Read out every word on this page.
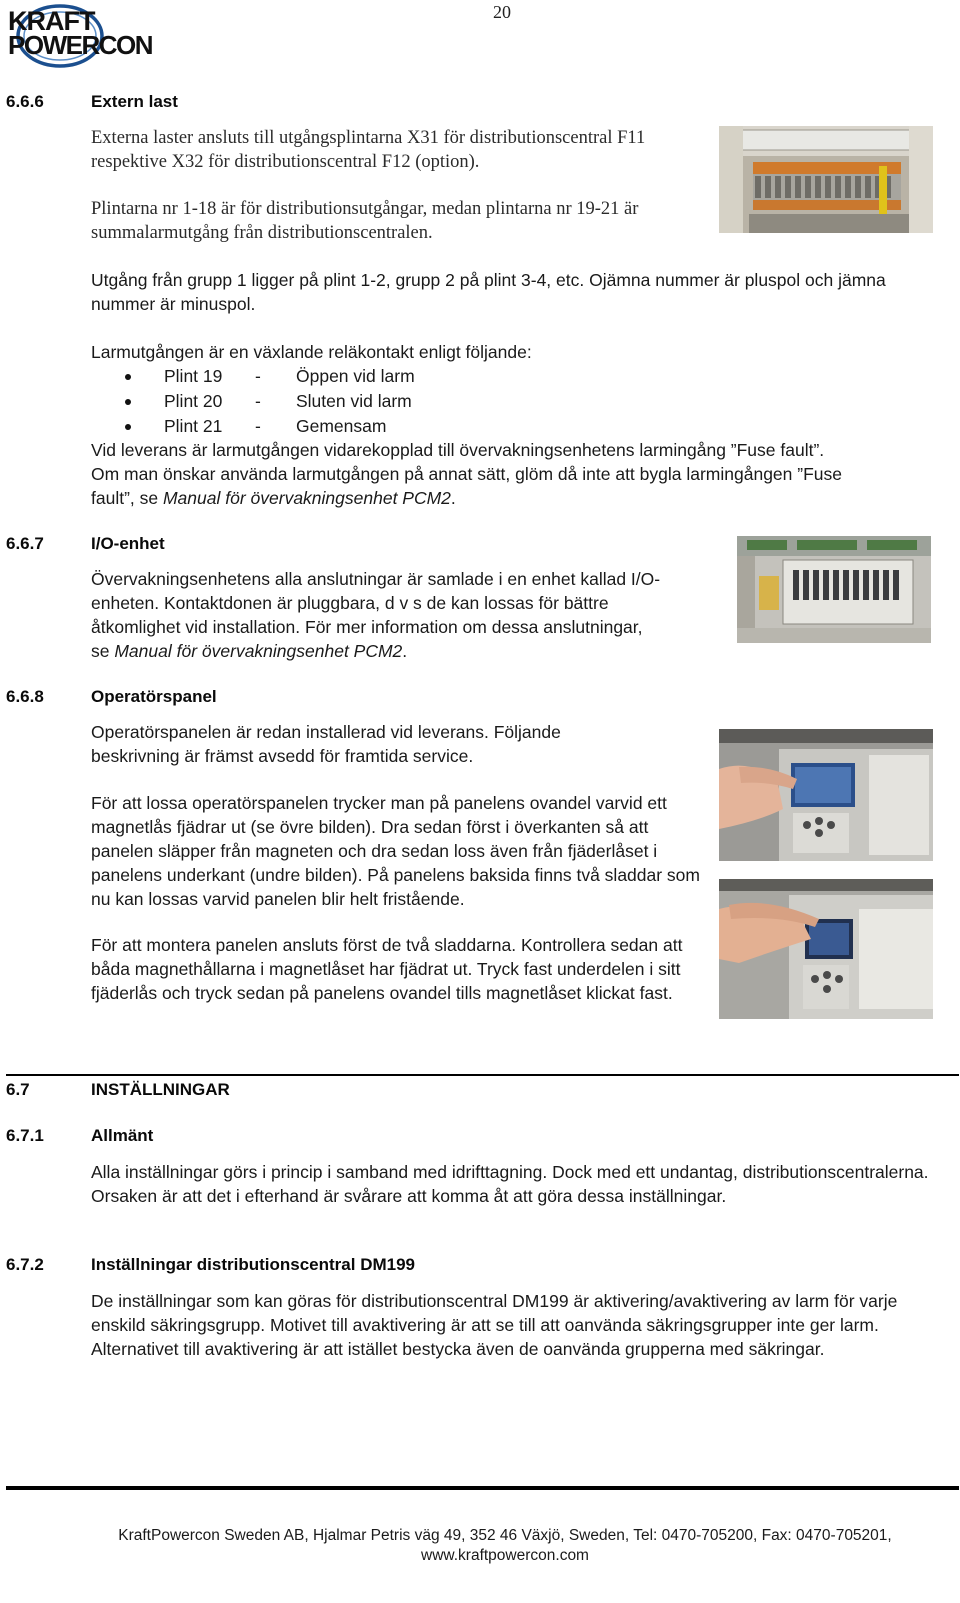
KRAFT
POWERCON
20
6.6.6	Extern last

Externa laster ansluts till utgångsplintarna X31 för distributionscentral F11 respektive X32 för distributionscentral F12 (option).

Plintarna nr 1-18 är för distributionsutgångar, medan plintarna nr 19-21 är summalarmutgång från distributionscentralen.

Utgång från grupp 1 ligger på plint 1-2, grupp 2 på plint 3-4, etc. Ojämna nummer är pluspol och jämna nummer är minuspol.

Larmutgången är en växlande reläkontakt enligt följande:

Plint 19 - Öppen vid larm
Plint 20 - Sluten vid larm
Plint 21 - Gemensam
Vid leverans är larmutgången vidarekopplad till övervakningsenhetens larmingång ”Fuse fault”.
Om man önskar använda larmutgången på annat sätt, glöm då inte att bygla larmingången ”Fuse
fault”, se Manual för övervakningsenhet PCM2.
6.6.7	I/O-enhet
Övervakningsenhetens alla anslutningar är samlade i en enhet kallad I/O-
enheten. Kontaktdonen är pluggbara, d v s de kan lossas för bättre
åtkomlighet vid installation. För mer information om dessa anslutningar,
se Manual för övervakningsenhet PCM2.
6.6.8	Operatörspanel

Operatörspanelen är redan installerad vid leverans. Följande beskrivning är främst avsedd för framtida service.

För att lossa operatörspanelen trycker man på panelens ovandel varvid ett magnetlås fjädrar ut (se övre bilden). Dra sedan först i överkanten så att panelen släpper från magneten och dra sedan loss även från fjäderlåset i panelens underkant (undre bilden). På panelens baksida finns två sladdar som nu kan lossas varvid panelen blir helt fristående.

För att montera panelen ansluts först de två sladdarna. Kontrollera sedan att båda magnethållarna i magnetlåset har fjädrat ut. Tryck fast underdelen i sitt fjäderlås och tryck sedan på panelens ovandel tills magnetlåset klickat fast.

6.7	INSTÄLLNINGAR
6.7.1	Allmänt

Alla inställningar görs i princip i samband med idrifttagning. Dock med ett undantag, distributionscentralerna. Orsaken är att det i efterhand är svårare att komma åt att göra dessa inställningar.

6.7.2	Inställningar distributionscentral DM199

De inställningar som kan göras för distributionscentral DM199 är aktivering/avaktivering av larm för varje enskild säkringsgrupp. Motivet till avaktivering är att se till att oanvända säkringsgrupper inte ger larm. Alternativet till avaktivering är att istället bestycka även de oanvända grupperna med säkringar.

KraftPowercon Sweden AB, Hjalmar Petris väg 49, 352 46 Växjö, Sweden, Tel: 0470-705200, Fax: 0470-705201,
www.kraftpowercon.com
